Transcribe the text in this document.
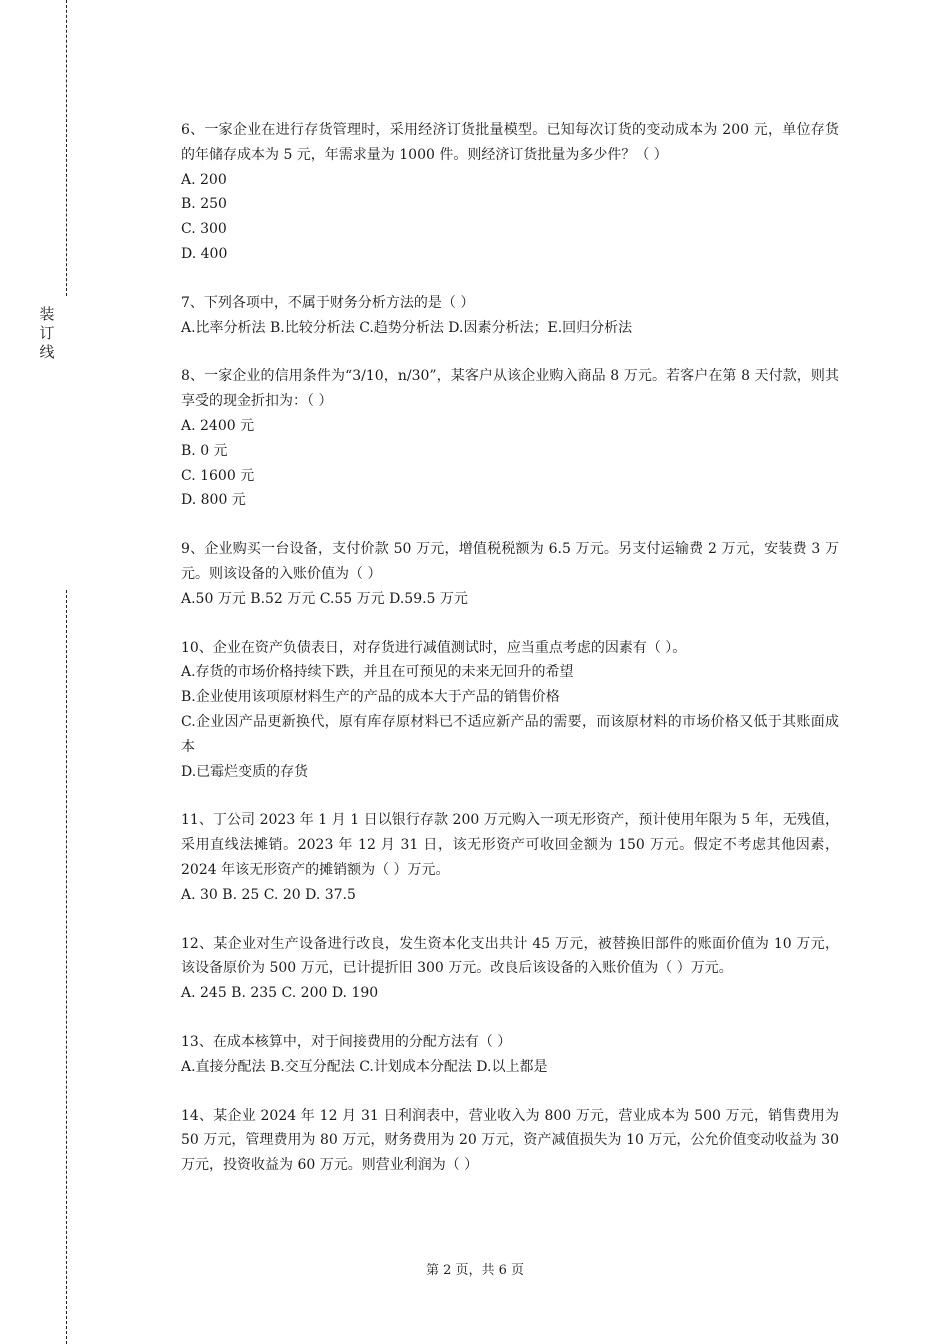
装
订
线
6、一家企业在进行存货管理时，采用经济订货批量模型。已知每次订货的变动成本为 200 元，单位存货的年储存成本为 5 元，年需求量为 1000 件。则经济订货批量为多少件？（ ）
A. 200
B. 250
C. 300
D. 400
7、下列各项中，不属于财务分析方法的是（ ）
A.比率分析法 B.比较分析法 C.趋势分析法 D.因素分析法；E.回归分析法
8、一家企业的信用条件为“3/10，n/30”，某客户从该企业购入商品 8 万元。若客户在第 8 天付款，则其享受的现金折扣为：（ ）
A. 2400 元
B. 0 元
C. 1600 元
D. 800 元
9、企业购买一台设备，支付价款 50 万元，增值税税额为 6.5 万元。另支付运输费 2 万元，安装费 3 万元。则该设备的入账价值为（ ）
A.50 万元 B.52 万元 C.55 万元 D.59.5 万元
10、企业在资产负债表日，对存货进行减值测试时，应当重点考虑的因素有（ ）。
A.存货的市场价格持续下跌，并且在可预见的未来无回升的希望
B.企业使用该项原材料生产的产品的成本大于产品的销售价格
C.企业因产品更新换代，原有库存原材料已不适应新产品的需要，而该原材料的市场价格又低于其账面成本
D.已霉烂变质的存货
11、丁公司 2023 年 1 月 1 日以银行存款 200 万元购入一项无形资产，预计使用年限为 5 年，无残值，采用直线法摊销。2023 年 12 月 31 日，该无形资产可收回金额为 150 万元。假定不考虑其他因素，2024 年该无形资产的摊销额为（ ）万元。
A. 30 B. 25 C. 20 D. 37.5
12、某企业对生产设备进行改良，发生资本化支出共计 45 万元，被替换旧部件的账面价值为 10 万元，该设备原价为 500 万元，已计提折旧 300 万元。改良后该设备的入账价值为（ ）万元。
A. 245 B. 235 C. 200 D. 190
13、在成本核算中，对于间接费用的分配方法有（ ）
A.直接分配法 B.交互分配法 C.计划成本分配法 D.以上都是
14、某企业 2024 年 12 月 31 日利润表中，营业收入为 800 万元，营业成本为 500 万元，销售费用为 50 万元，管理费用为 80 万元，财务费用为 20 万元，资产减值损失为 10 万元，公允价值变动收益为 30 万元，投资收益为 60 万元。则营业利润为（ ）
第 2 页，共 6 页
